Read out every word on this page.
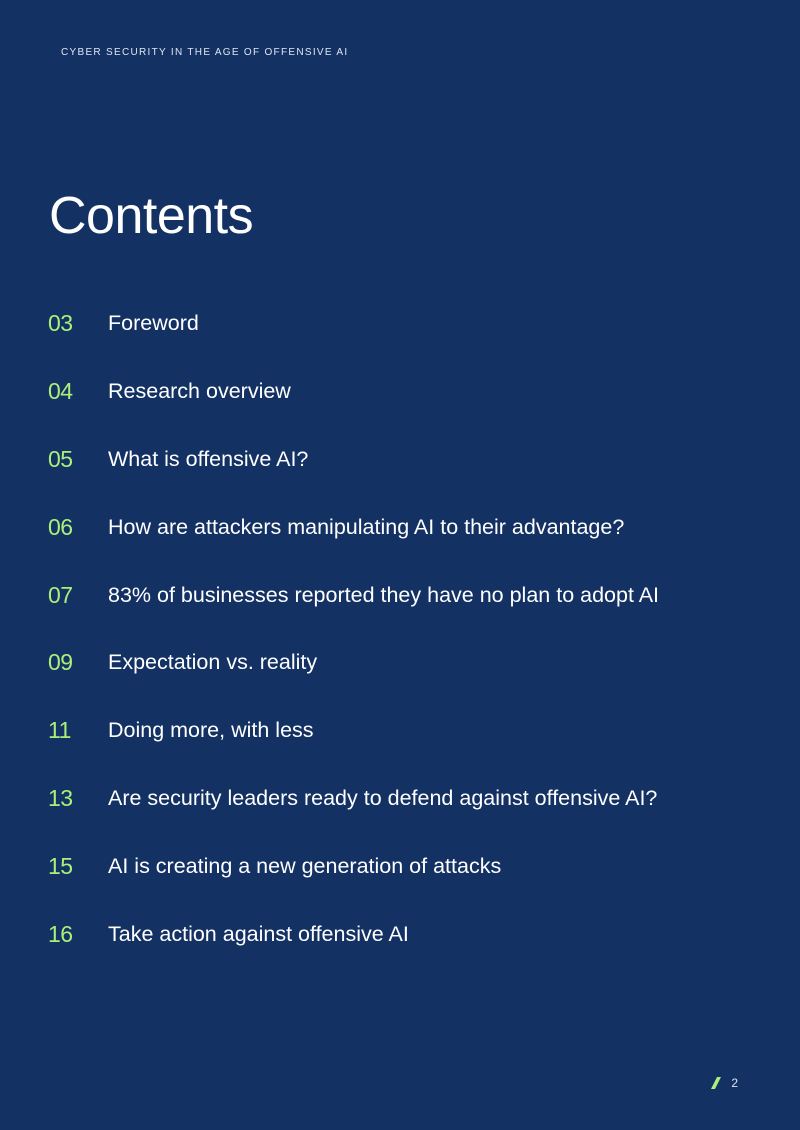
CYBER SECURITY IN THE AGE OF OFFENSIVE AI
Contents
03	Foreword
04	Research overview
05	What is offensive AI?
06	How are attackers manipulating AI to their advantage?
07	83% of businesses reported they have no plan to adopt AI
09	Expectation vs. reality
11	Doing more, with less
13	Are security leaders ready to defend against offensive AI?
15	AI is creating a new generation of attacks
16	Take action against offensive AI
2
